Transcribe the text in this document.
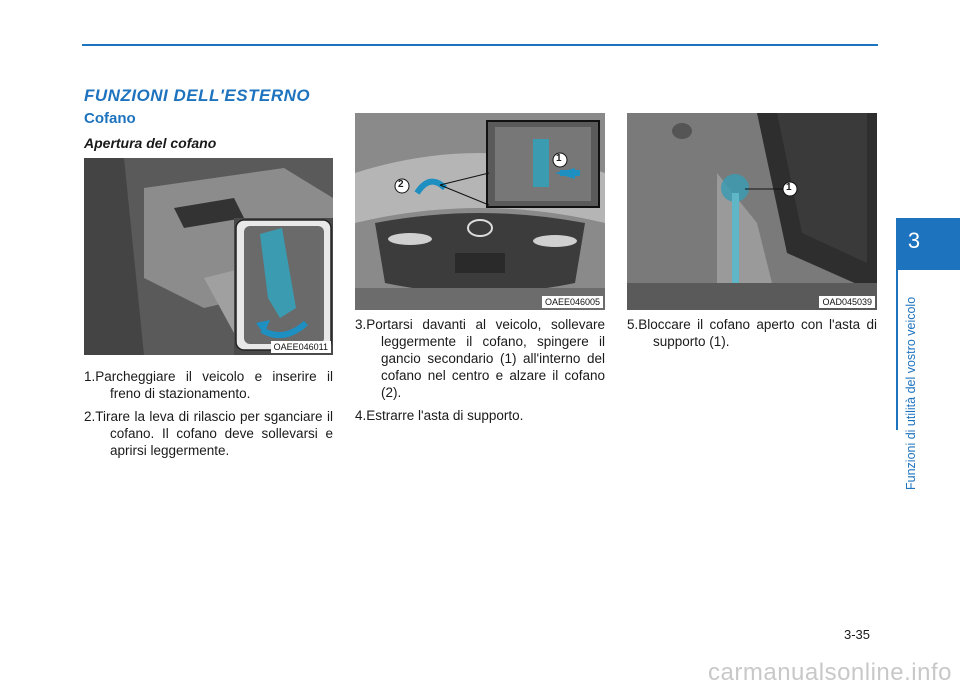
FUNZIONI DELL'ESTERNO
Cofano
Apertura del cofano
OAEE046011
1
2
OAEE046005
1
OAD045039

1.Parcheggiare il veicolo e inserire il freno di stazionamento.

2.Tirare la leva di rilascio per sganciare il cofano. Il cofano deve sollevarsi e aprirsi leggermente.

3.Portarsi davanti al veicolo, sollevare leggermente il cofano, spingere il gancio secondario (1) all'interno del cofano nel centro e alzare il cofano (2).

4.Estrarre l'asta di supporto.

5.Bloccare il cofano aperto con l'asta di supporto (1).

3
Funzioni di utilità del vostro veicolo
3-35
carmanualsonline.info
